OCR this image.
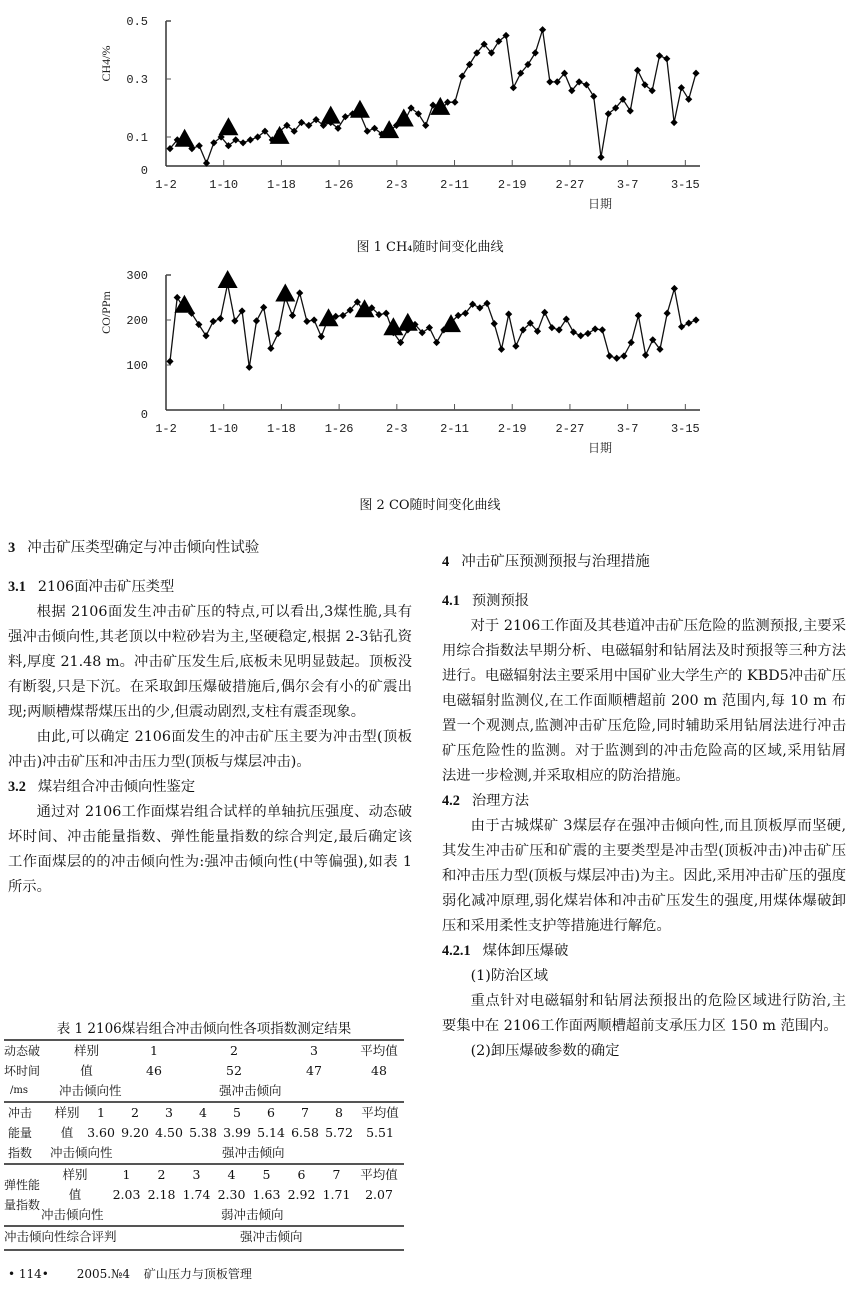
0
0.1
0.3
0.5
1-2	1-10 1-18 1-26	2-3	2-11 2-19 2-27	3-7	3-15
日期
CH4/%
图 1 CH₄随时间变化曲线
0
100
200
300
1-2	1-10 1-18 1-26	2-3	2-11 2-19 2-27	3-7	3-15
日期
CO/PPm
图 2 CO随时间变化曲线
3 冲击矿压类型确定与冲击倾向性试验
3.1 2106面冲击矿压类型

根据 2106面发生冲击矿压的特点,可以看出,3煤性脆,具有强冲击倾向性,其老顶以中粒砂岩为主,坚硬稳定,根据 2-3钻孔资料,厚度 21.48 m。冲击矿压发生后,底板未见明显鼓起。顶板没有断裂,只是下沉。在采取卸压爆破措施后,偶尔会有小的矿震出现;两顺槽煤帮煤压出的少,但震动剧烈,支柱有震歪现象。

由此,可以确定 2106面发生的冲击矿压主要为冲击型(顶板冲击)冲击矿压和冲击压力型(顶板与煤层冲击)。

3.2 煤岩组合冲击倾向性鉴定

通过对 2106工作面煤岩组合试样的单轴抗压强度、动态破坏时间、冲击能量指数、弹性能量指数的综合判定,最后确定该工作面煤层的的冲击倾向性为:强冲击倾向性(中等偏强),如表 1所示。

表 1 2106煤岩组合冲击倾向性各项指数测定结果
动态破
坏时间
/ms
样别	1	2	3	平均值
值	46	52	47	48
冲击倾向性	强冲击倾向
冲击
能量
指数
样别	1	2	3	4	5	6	7	8	平均值
值	3.60 9.20 4.50 5.38 3.99 5.14 6.58 5.72	5.51
冲击倾向性	强冲击倾向
弹性能
量指数
样别	1	2	3	4	5	6	7	平均值
值	2.03 2.18 1.74 2.30 1.63 2.92 1.71	2.07
冲击倾向性	弱冲击倾向
冲击倾向性综合评判	强冲击倾向
4 冲击矿压预测预报与治理措施
4.1 预测预报

对于 2106工作面及其巷道冲击矿压危险的监测预报,主要采用综合指数法早期分析、电磁辐射和钻屑法及时预报等三种方法进行。电磁辐射法主要采用中国矿业大学生产的 KBD5冲击矿压电磁辐射监测仪,在工作面顺槽超前 200 m 范围内,每 10 m 布置一个观测点,监测冲击矿压危险,同时辅助采用钻屑法进行冲击矿压危险性的监测。对于监测到的冲击危险高的区域,采用钻屑法进一步检测,并采取相应的防治措施。

4.2 治理方法

由于古城煤矿 3煤层存在强冲击倾向性,而且顶板厚而坚硬,其发生冲击矿压和矿震的主要类型是冲击型(顶板冲击)冲击矿压和冲击压力型(顶板与煤层冲击)为主。因此,采用冲击矿压的强度弱化减冲原理,弱化煤岩体和冲击矿压发生的强度,用煤体爆破卸压和采用柔性支护等措施进行解危。

4.2.1 煤体卸压爆破

(1)防治区域

重点针对电磁辐射和钻屑法预报出的危险区域进行防治,主要集中在 2106工作面两顺槽超前支承压力区 150 m 范围内。

(2)卸压爆破参数的确定

• 114• 2005.№4 矿山压力与顶板管理
